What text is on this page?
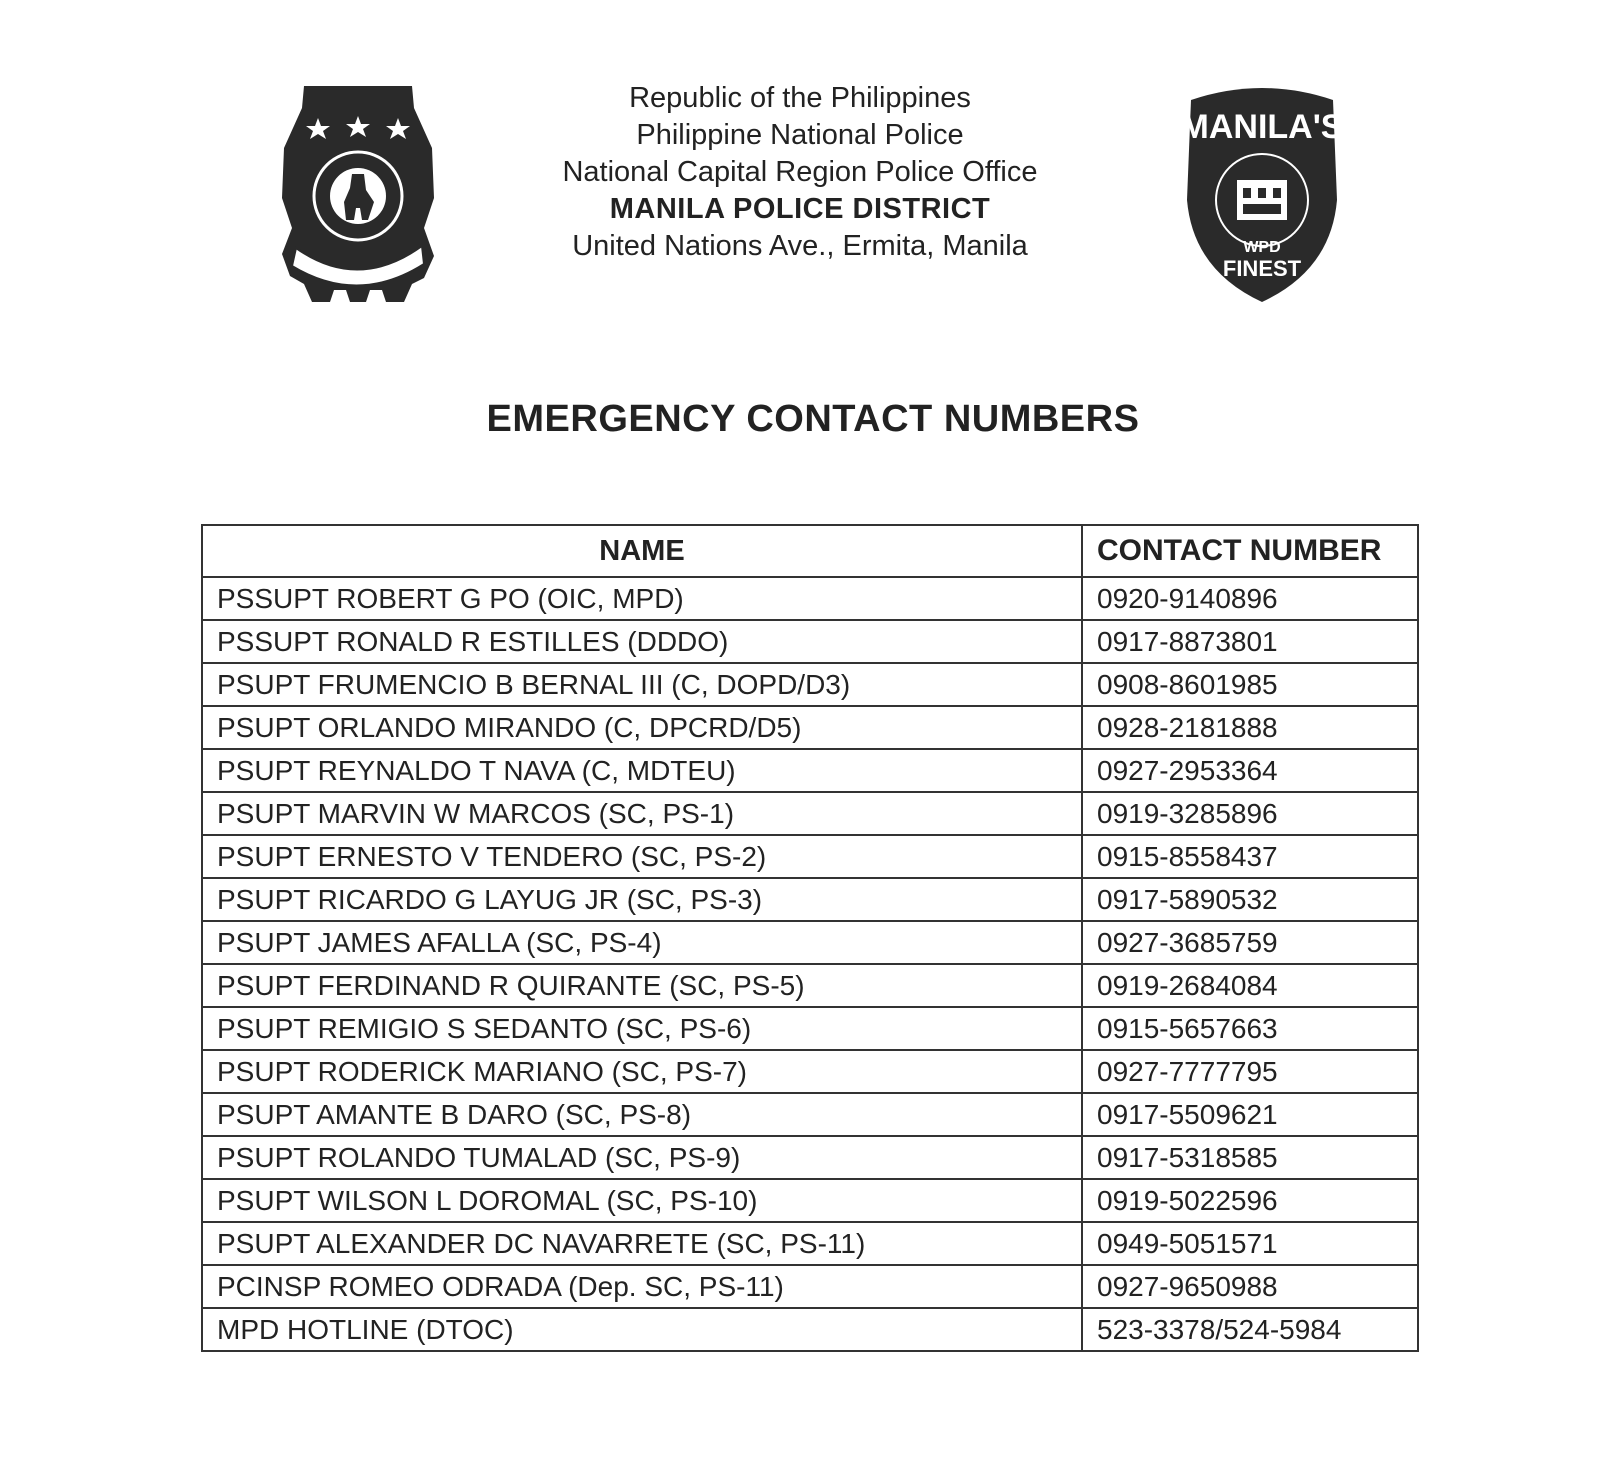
Republic of the Philippines
Philippine National Police
National Capital Region Police Office
MANILA POLICE DISTRICT
United Nations Ave., Ermita, Manila
MANILA'S
WPD
FINEST
EMERGENCY CONTACT NUMBERS
NAME	CONTACT NUMBER
PSSUPT ROBERT G PO (OIC, MPD)	0920-9140896
PSSUPT RONALD R ESTILLES (DDDO)	0917-8873801
PSUPT FRUMENCIO B BERNAL III (C, DOPD/D3)	0908-8601985
PSUPT ORLANDO MIRANDO (C, DPCRD/D5)	0928-2181888
PSUPT REYNALDO T NAVA (C, MDTEU)	0927-2953364
PSUPT MARVIN W MARCOS (SC, PS-1)	0919-3285896
PSUPT ERNESTO V TENDERO (SC, PS-2)	0915-8558437
PSUPT RICARDO G LAYUG JR (SC, PS-3)	0917-5890532
PSUPT JAMES AFALLA (SC, PS-4)	0927-3685759
PSUPT FERDINAND R QUIRANTE (SC, PS-5)	0919-2684084
PSUPT REMIGIO S SEDANTO (SC, PS-6)	0915-5657663
PSUPT RODERICK MARIANO (SC, PS-7)	0927-7777795
PSUPT AMANTE B DARO (SC, PS-8)	0917-5509621
PSUPT ROLANDO TUMALAD (SC, PS-9)	0917-5318585
PSUPT WILSON L DOROMAL (SC, PS-10)	0919-5022596
PSUPT ALEXANDER DC NAVARRETE (SC, PS-11)	0949-5051571
PCINSP ROMEO ODRADA (Dep. SC, PS-11)	0927-9650988
MPD HOTLINE (DTOC)	523-3378/524-5984
